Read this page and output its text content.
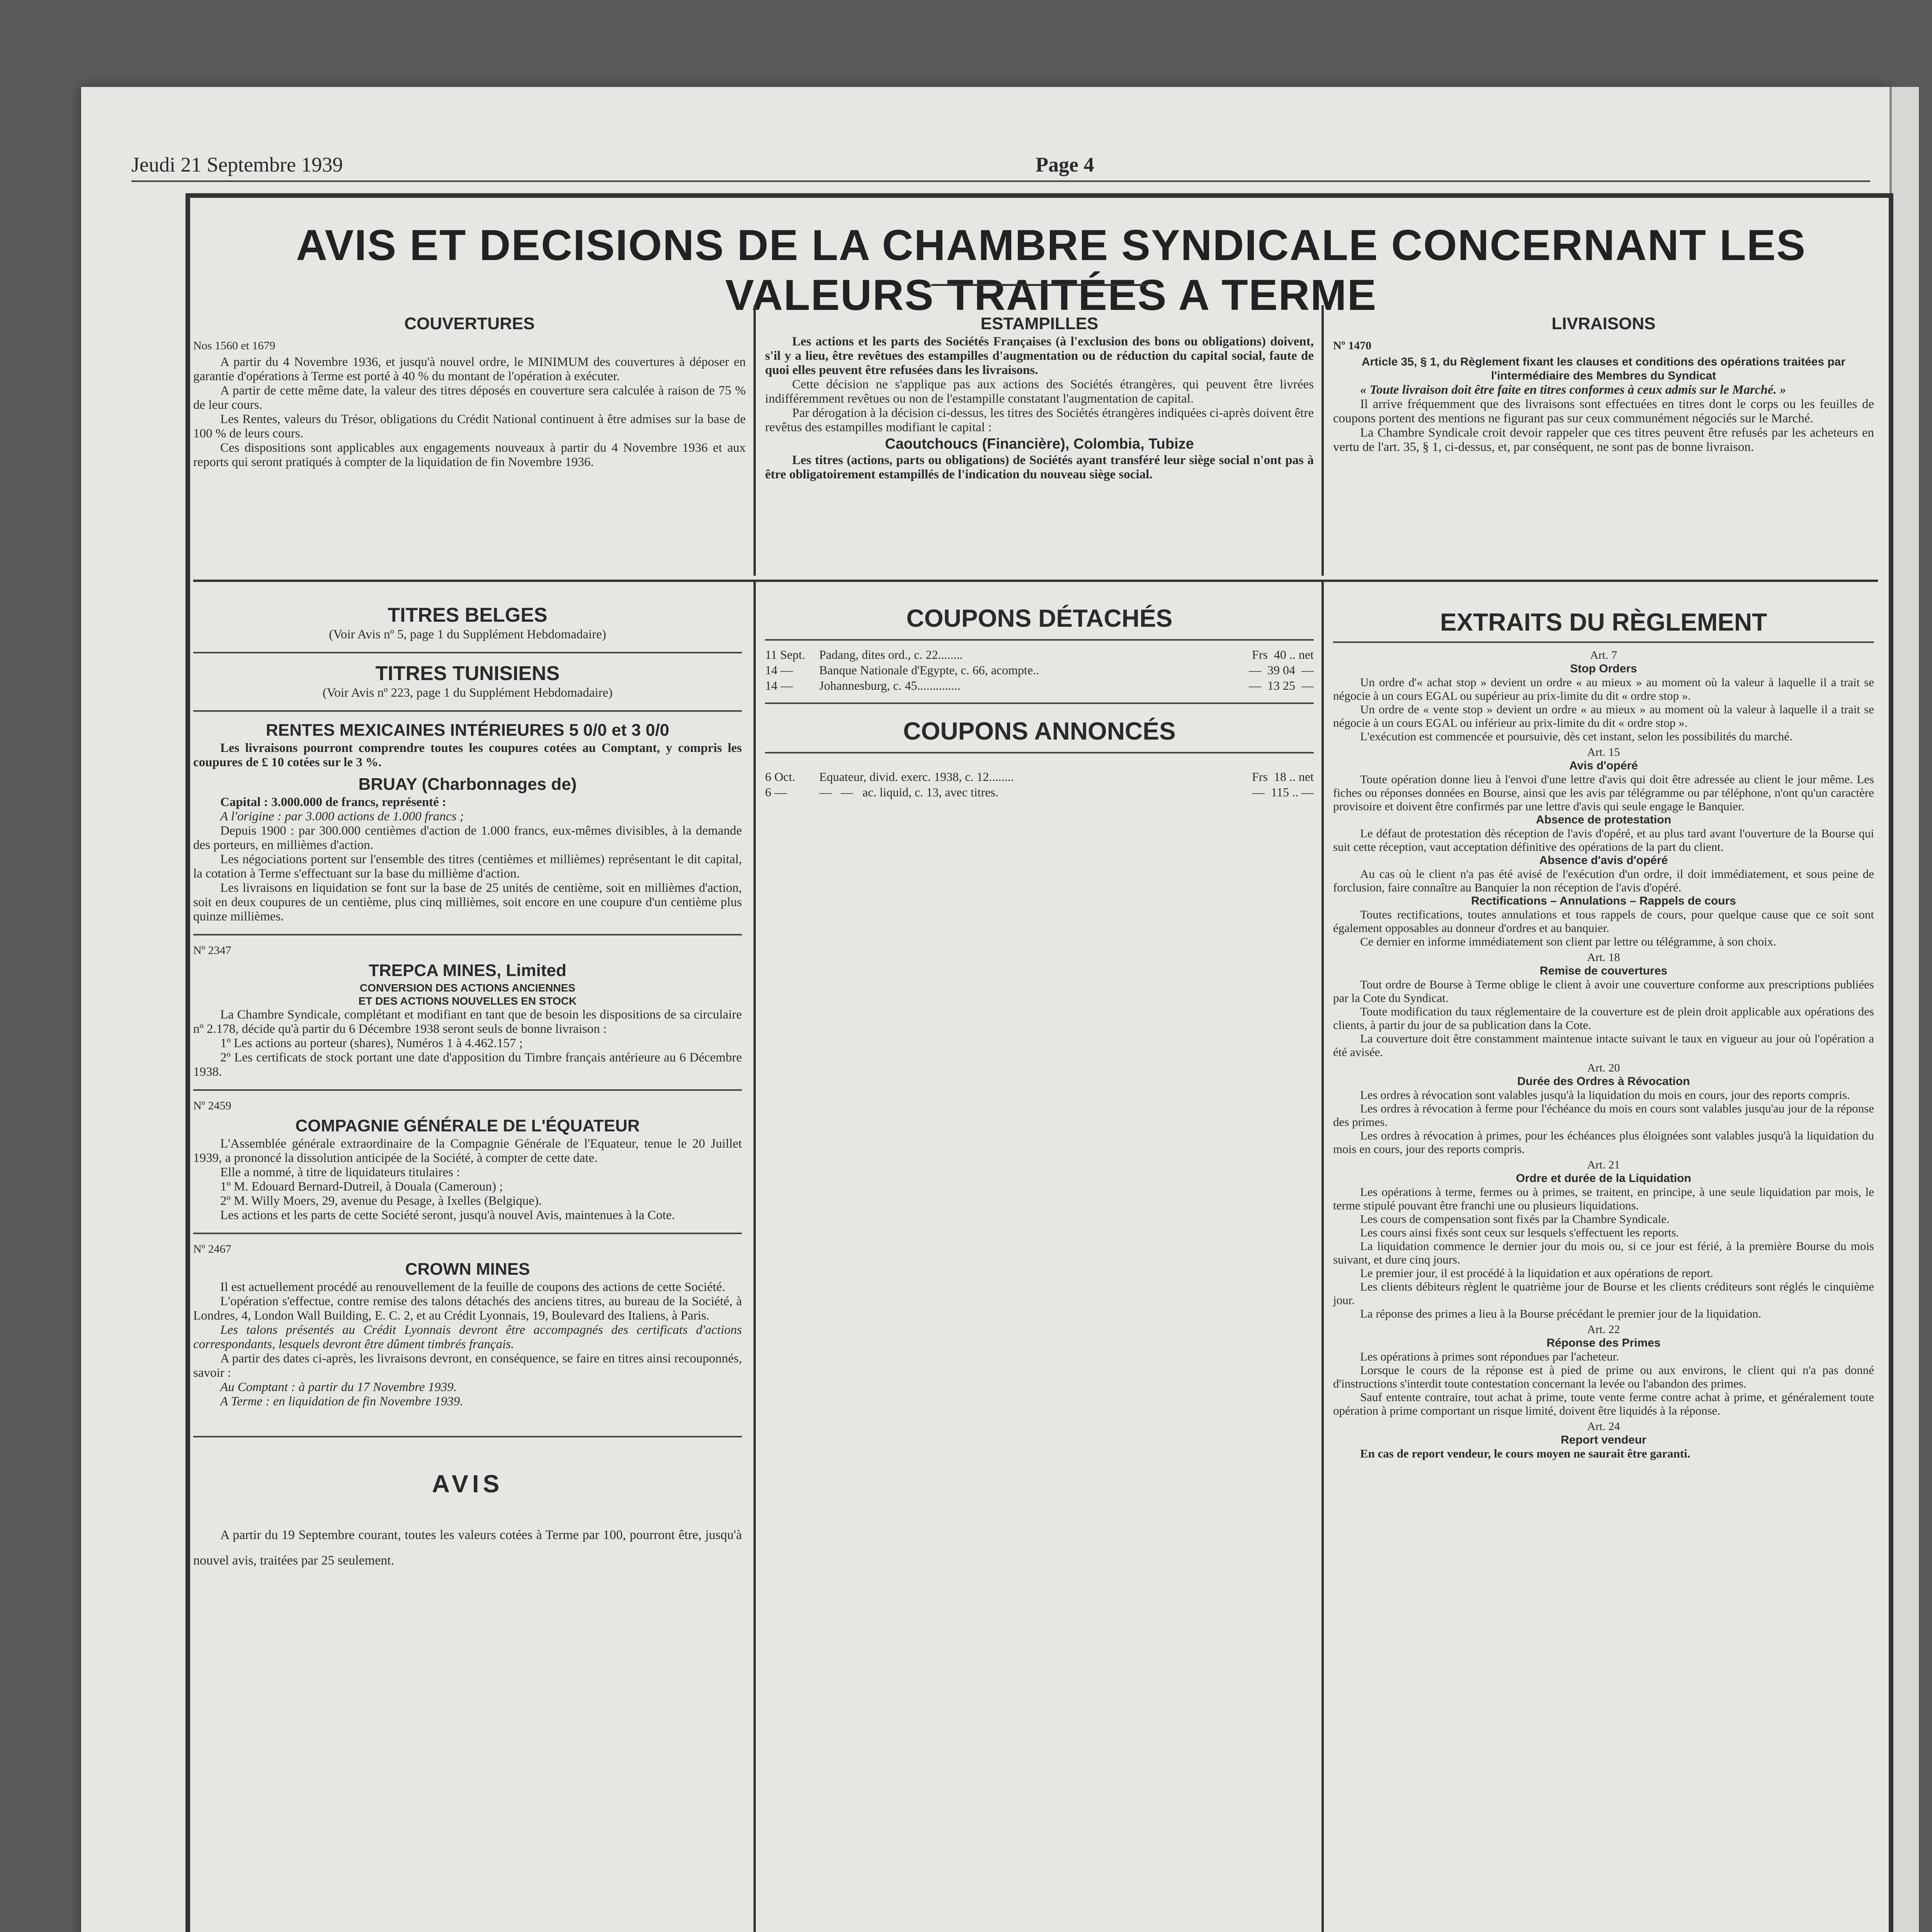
Jeudi 21 Septembre 1939	Page 4
AVIS ET DECISIONS DE LA CHAMBRE SYNDICALE CONCERNANT LES VALEURS TRAITÉES A TERME

COUVERTURES

Nos 1560 et 1679

A partir du 4 Novembre 1936, et jusqu'à nouvel ordre, le MINIMUM des couvertures à déposer en garantie d'opérations à Terme est porté à 40 % du montant de l'opération à exécuter.

A partir de cette même date, la valeur des titres déposés en couverture sera calculée à raison de 75 % de leur cours.

Les Rentes, valeurs du Trésor, obligations du Crédit National continuent à être admises sur la base de 100 % de leurs cours.

Ces dispositions sont applicables aux engagements nouveaux à partir du 4 Novembre 1936 et aux reports qui seront pratiqués à compter de la liquidation de fin Novembre 1936.

ESTAMPILLES

Les actions et les parts des Sociétés Françaises (à l'exclusion des bons ou obligations) doivent, s'il y a lieu, être revêtues des estampilles d'augmentation ou de réduction du capital social, faute de quoi elles peuvent être refusées dans les livraisons.

Cette décision ne s'applique pas aux actions des Sociétés étrangères, qui peuvent être livrées indifféremment revêtues ou non de l'estampille constatant l'augmentation de capital.

Par dérogation à la décision ci-dessus, les titres des Sociétés étrangères indiquées ci-après doivent être revêtus des estampilles modifiant le capital :

Caoutchoucs (Financière), Colombia, Tubize

Les titres (actions, parts ou obligations) de Sociétés ayant transféré leur siège social n'ont pas à être obligatoirement estampillés de l'indication du nouveau siège social.

LIVRAISONS

Nº 1470

Article 35, § 1, du Règlement fixant les clauses et conditions des opérations traitées par l'intermédiaire des Membres du Syndicat

« Toute livraison doit être faite en titres conformes à ceux admis sur le Marché. »

Il arrive fréquemment que des livraisons sont effectuées en titres dont le corps ou les feuilles de coupons portent des mentions ne figurant pas sur ceux communément négociés sur le Marché.

La Chambre Syndicale croit devoir rappeler que ces titres peuvent être refusés par les acheteurs en vertu de l'art. 35, § 1, ci-dessus, et, par conséquent, ne sont pas de bonne livraison.

TITRES BELGES

(Voir Avis nº 5, page 1 du Supplément Hebdomadaire)

TITRES TUNISIENS

(Voir Avis nº 223, page 1 du Supplément Hebdomadaire)

RENTES MEXICAINES INTÉRIEURES 5 0/0 et 3 0/0

Les livraisons pourront comprendre toutes les coupures cotées au Comptant, y compris les coupures de £ 10 cotées sur le 3 %.

BRUAY (Charbonnages de)

Capital : 3.000.000 de francs, représenté :

A l'origine : par 3.000 actions de 1.000 francs ;

Depuis 1900 : par 300.000 centièmes d'action de 1.000 francs, eux-mêmes divisibles, à la demande des porteurs, en millièmes d'action.

Les négociations portent sur l'ensemble des titres (centièmes et millièmes) représentant le dit capital, la cotation à Terme s'effectuant sur la base du millième d'action.

Les livraisons en liquidation se font sur la base de 25 unités de centième, soit en millièmes d'action, soit en deux coupures de un centième, plus cinq millièmes, soit encore en une coupure d'un centième plus quinze millièmes.

Nº 2347

TREPCA MINES, Limited

CONVERSION DES ACTIONS ANCIENNES

ET DES ACTIONS NOUVELLES EN STOCK

La Chambre Syndicale, complétant et modifiant en tant que de besoin les dispositions de sa circulaire nº 2.178, décide qu'à partir du 6 Décembre 1938 seront seuls de bonne livraison :

1º Les actions au porteur (shares), Numéros 1 à 4.462.157 ;

2º Les certificats de stock portant une date d'apposition du Timbre français antérieure au 6 Décembre 1938.

Nº 2459

COMPAGNIE GÉNÉRALE DE L'ÉQUATEUR

L'Assemblée générale extraordinaire de la Compagnie Générale de l'Equateur, tenue le 20 Juillet 1939, a prononcé la dissolution anticipée de la Société, à compter de cette date.

Elle a nommé, à titre de liquidateurs titulaires :

1º M. Edouard Bernard-Dutreil, à Douala (Cameroun) ;

2º M. Willy Moers, 29, avenue du Pesage, à Ixelles (Belgique).

Les actions et les parts de cette Société seront, jusqu'à nouvel Avis, maintenues à la Cote.

Nº 2467

CROWN MINES

Il est actuellement procédé au renouvellement de la feuille de coupons des actions de cette Société.

L'opération s'effectue, contre remise des talons détachés des anciens titres, au bureau de la Société, à Londres, 4, London Wall Building, E. C. 2, et au Crédit Lyonnais, 19, Boulevard des Italiens, à Paris.

Les talons présentés au Crédit Lyonnais devront être accompagnés des certificats d'actions correspondants, lesquels devront être dûment timbrés français.

A partir des dates ci-après, les livraisons devront, en conséquence, se faire en titres ainsi recouponnés, savoir :

Au Comptant : à partir du 17 Novembre 1939.

A Terme : en liquidation de fin Novembre 1939.

AVIS

A partir du 19 Septembre courant, toutes les valeurs cotées à Terme par 100, pourront être, jusqu'à nouvel avis, traitées par 25 seulement.

COUPONS DÉTACHÉS

11 Sept.	Padang, dites ord., c. 22........	Frs  40 .. net
14 —	Banque Nationale d'Egypte, c. 66, acompte..	—  39 04  —
14 —	Johannesburg, c. 45..............	—  13 25  —

COUPONS ANNONCÉS

6 Oct.	Equateur, divid. exerc. 1938, c. 12........	Frs  18 .. net
6 —	—   —   ac. liquid, c. 13, avec titres.	—  115 .. —

EXTRAITS DU RÈGLEMENT

Art. 7

Stop Orders

Un ordre d'« achat stop » devient un ordre « au mieux » au moment où la valeur à laquelle il a trait se négocie à un cours EGAL ou supérieur au prix-limite du dit « ordre stop ».

Un ordre de « vente stop » devient un ordre « au mieux » au moment où la valeur à laquelle il a trait se négocie à un cours EGAL ou inférieur au prix-limite du dit « ordre stop ».

L'exécution est commencée et poursuivie, dès cet instant, selon les possibilités du marché.

Art. 15

Avis d'opéré

Toute opération donne lieu à l'envoi d'une lettre d'avis qui doit être adressée au client le jour même. Les fiches ou réponses données en Bourse, ainsi que les avis par télégramme ou par téléphone, n'ont qu'un caractère provisoire et doivent être confirmés par une lettre d'avis qui seule engage le Banquier.

Absence de protestation

Le défaut de protestation dès réception de l'avis d'opéré, et au plus tard avant l'ouverture de la Bourse qui suit cette réception, vaut acceptation définitive des opérations de la part du client.

Absence d'avis d'opéré

Au cas où le client n'a pas été avisé de l'exécution d'un ordre, il doit immédiatement, et sous peine de forclusion, faire connaître au Banquier la non réception de l'avis d'opéré.

Rectifications – Annulations – Rappels de cours

Toutes rectifications, toutes annulations et tous rappels de cours, pour quelque cause que ce soit sont également opposables au donneur d'ordres et au banquier.

Ce dernier en informe immédiatement son client par lettre ou télégramme, à son choix.

Art. 18

Remise de couvertures

Tout ordre de Bourse à Terme oblige le client à avoir une couverture conforme aux prescriptions publiées par la Cote du Syndicat.

Toute modification du taux réglementaire de la couverture est de plein droit applicable aux opérations des clients, à partir du jour de sa publication dans la Cote.

La couverture doit être constamment maintenue intacte suivant le taux en vigueur au jour où l'opération a été avisée.

Art. 20

Durée des Ordres à Révocation

Les ordres à révocation sont valables jusqu'à la liquidation du mois en cours, jour des reports compris.

Les ordres à révocation à ferme pour l'échéance du mois en cours sont valables jusqu'au jour de la réponse des primes.

Les ordres à révocation à primes, pour les échéances plus éloignées sont valables jusqu'à la liquidation du mois en cours, jour des reports compris.

Art. 21

Ordre et durée de la Liquidation

Les opérations à terme, fermes ou à primes, se traitent, en principe, à une seule liquidation par mois, le terme stipulé pouvant être franchi une ou plusieurs liquidations.

Les cours de compensation sont fixés par la Chambre Syndicale.

Les cours ainsi fixés sont ceux sur lesquels s'effectuent les reports.

La liquidation commence le dernier jour du mois ou, si ce jour est férié, à la première Bourse du mois suivant, et dure cinq jours.

Le premier jour, il est procédé à la liquidation et aux opérations de report.

Les clients débiteurs règlent le quatrième jour de Bourse et les clients créditeurs sont réglés le cinquième jour.

La réponse des primes a lieu à la Bourse précédant le premier jour de la liquidation.

Art. 22

Réponse des Primes

Les opérations à primes sont répondues par l'acheteur.

Lorsque le cours de la réponse est à pied de prime ou aux environs, le client qui n'a pas donné d'instructions s'interdit toute contestation concernant la levée ou l'abandon des primes.

Sauf entente contraire, tout achat à prime, toute vente ferme contre achat à prime, et généralement toute opération à prime comportant un risque limité, doivent être liquidés à la réponse.

Art. 24

Report vendeur

En cas de report vendeur, le cours moyen ne saurait être garanti.
